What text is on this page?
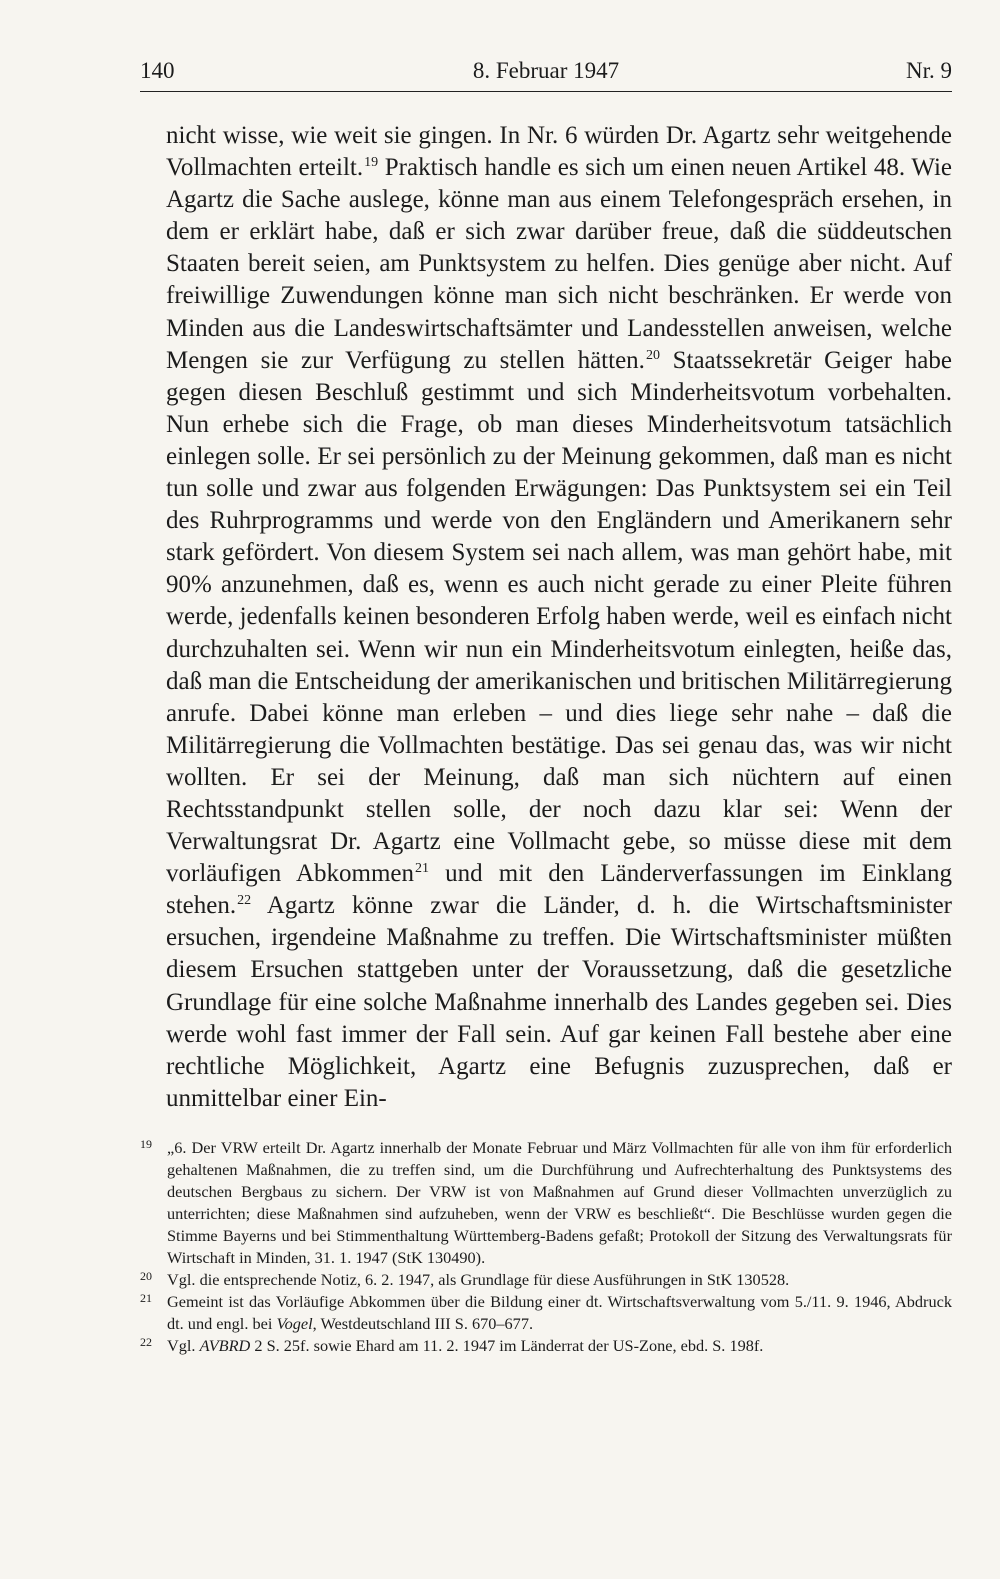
140	8. Februar 1947	Nr. 9

nicht wisse, wie weit sie gingen. In Nr. 6 würden Dr. Agartz sehr weitgehende Vollmachten erteilt.$^{19}$ Praktisch handle es sich um einen neuen Artikel 48. Wie Agartz die Sache auslege, könne man aus einem Telefongespräch ersehen, in dem er erklärt habe, daß er sich zwar darüber freue, daß die süddeutschen Staaten bereit seien, am Punktsystem zu helfen. Dies genüge aber nicht. Auf freiwillige Zuwendungen könne man sich nicht beschränken. Er werde von Minden aus die Landeswirtschaftsämter und Landesstellen anweisen, welche Mengen sie zur Verfügung zu stellen hätten.$^{20}$ Staatssekretär Geiger habe gegen diesen Beschluß gestimmt und sich Minderheitsvotum vorbehalten. Nun erhebe sich die Frage, ob man dieses Minderheitsvotum tatsächlich einlegen solle. Er sei persönlich zu der Meinung gekommen, daß man es nicht tun solle und zwar aus folgenden Erwägungen: Das Punktsystem sei ein Teil des Ruhrprogramms und werde von den Engländern und Amerikanern sehr stark gefördert. Von diesem System sei nach allem, was man gehört habe, mit 90% anzunehmen, daß es, wenn es auch nicht gerade zu einer Pleite führen werde, jedenfalls keinen besonderen Erfolg haben werde, weil es einfach nicht durchzuhalten sei. Wenn wir nun ein Minderheitsvotum einlegten, heiße das, daß man die Entscheidung der amerikanischen und britischen Militärregierung anrufe. Dabei könne man erleben – und dies liege sehr nahe – daß die Militärregierung die Vollmachten bestätige. Das sei genau das, was wir nicht wollten. Er sei der Meinung, daß man sich nüchtern auf einen Rechtsstandpunkt stellen solle, der noch dazu klar sei: Wenn der Verwaltungsrat Dr. Agartz eine Vollmacht gebe, so müsse diese mit dem vorläufigen Abkommen$^{21}$ und mit den Länderverfassungen im Einklang stehen.$^{22}$ Agartz könne zwar die Länder, d. h. die Wirtschaftsminister ersuchen, irgendeine Maßnahme zu treffen. Die Wirtschaftsminister müßten diesem Ersuchen stattgeben unter der Voraussetzung, daß die gesetzliche Grundlage für eine solche Maßnahme innerhalb des Landes gegeben sei. Dies werde wohl fast immer der Fall sein. Auf gar keinen Fall bestehe aber eine rechtliche Möglichkeit, Agartz eine Befugnis zuzusprechen, daß er unmittelbar einer Ein-

19 „6. Der VRW erteilt Dr. Agartz innerhalb der Monate Februar und März Vollmachten für alle von ihm für erforderlich gehaltenen Maßnahmen, die zu treffen sind, um die Durchführung und Aufrechterhaltung des Punktsystems des deutschen Bergbaus zu sichern. Der VRW ist von Maßnahmen auf Grund dieser Vollmachten unverzüglich zu unterrichten; diese Maßnahmen sind aufzuheben, wenn der VRW es beschließt“. Die Beschlüsse wurden gegen die Stimme Bayerns und bei Stimmenthaltung Württemberg-Badens gefaßt; Protokoll der Sitzung des Verwaltungsrats für Wirtschaft in Minden, 31. 1. 1947 (StK 130490).

20 Vgl. die entsprechende Notiz, 6. 2. 1947, als Grundlage für diese Ausführungen in StK 130528.

21 Gemeint ist das Vorläufige Abkommen über die Bildung einer dt. Wirtschaftsverwaltung vom 5./11. 9. 1946, Abdruck dt. und engl. bei Vogel, Westdeutschland III S. 670–677.

22 Vgl. AVBRD 2 S. 25f. sowie Ehard am 11. 2. 1947 im Länderrat der US-Zone, ebd. S. 198f.
